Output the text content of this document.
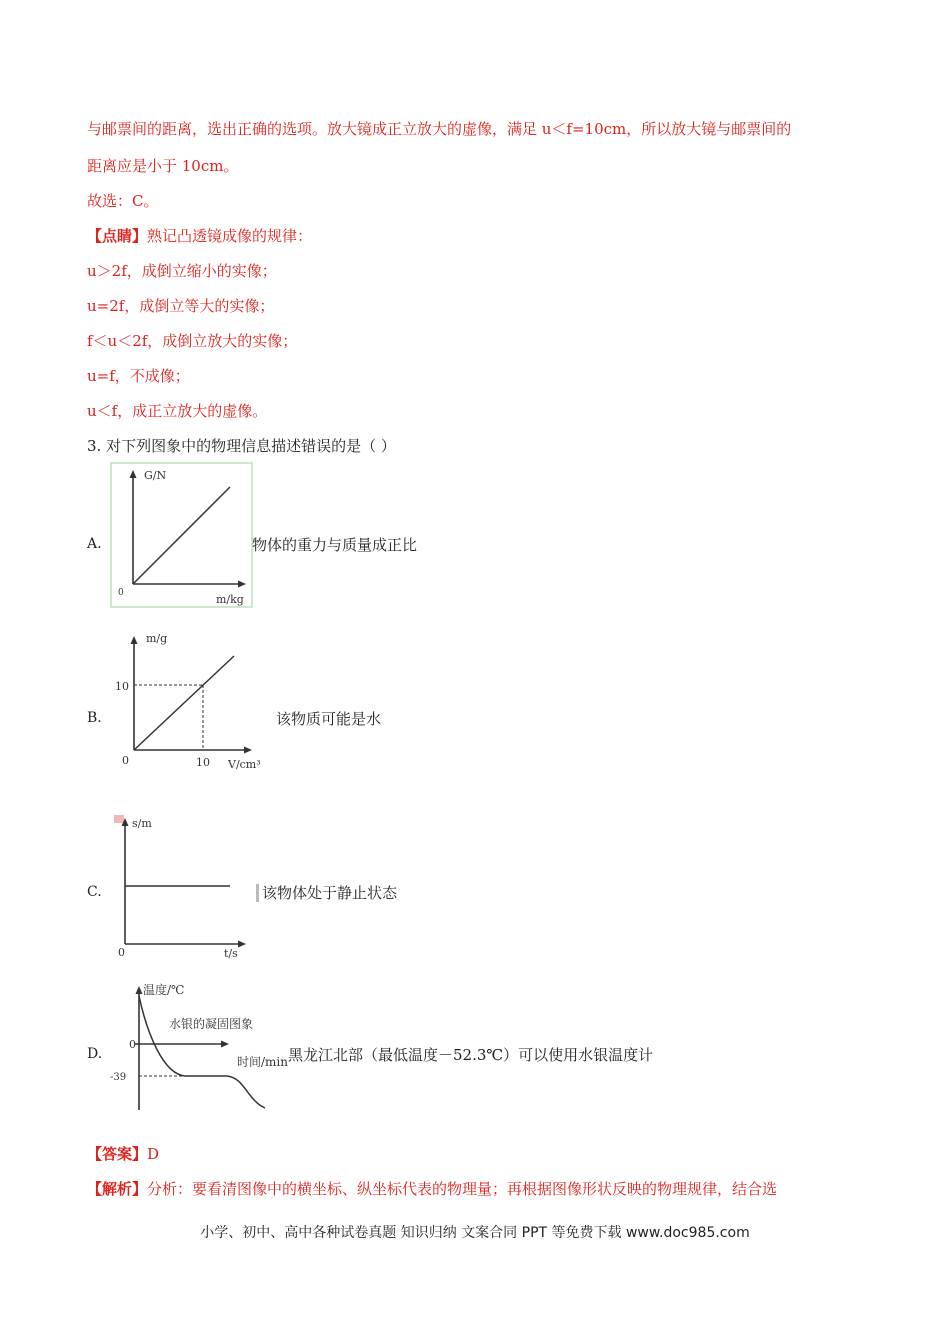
与邮票间的距离，选出正确的选项。放大镜成正立放大的虚像，满足 u＜f=10cm，所以放大镜与邮票间的
距离应是小于 10cm。
故选：C。
【点睛】熟记凸透镜成像的规律：
u＞2f，成倒立缩小的实像；
u=2f，成倒立等大的实像；
f＜u＜2f，成倒立放大的实像；
u=f，不成像；
u＜f，成正立放大的虚像。
3. 对下列图象中的物理信息描述错误的是（ ）
A.
G/N
m/kg
0
物体的重力与质量成正比
B.
m/g
10
10 V/cm³
0
该物质可能是水
C.
s/m
t/s
0
该物体处于静止状态
D.
温度/℃
水银的凝固图象
时间/min
0
-39
黑龙江北部（最低温度－52.3℃）可以使用水银温度计
【答案】D
【解析】分析：要看清图像中的横坐标、纵坐标代表的物理量；再根据图像形状反映的物理规律，结合选
小学、初中、高中各种试卷真题 知识归纳 文案合同 PPT 等免费下载 www.doc985.com
